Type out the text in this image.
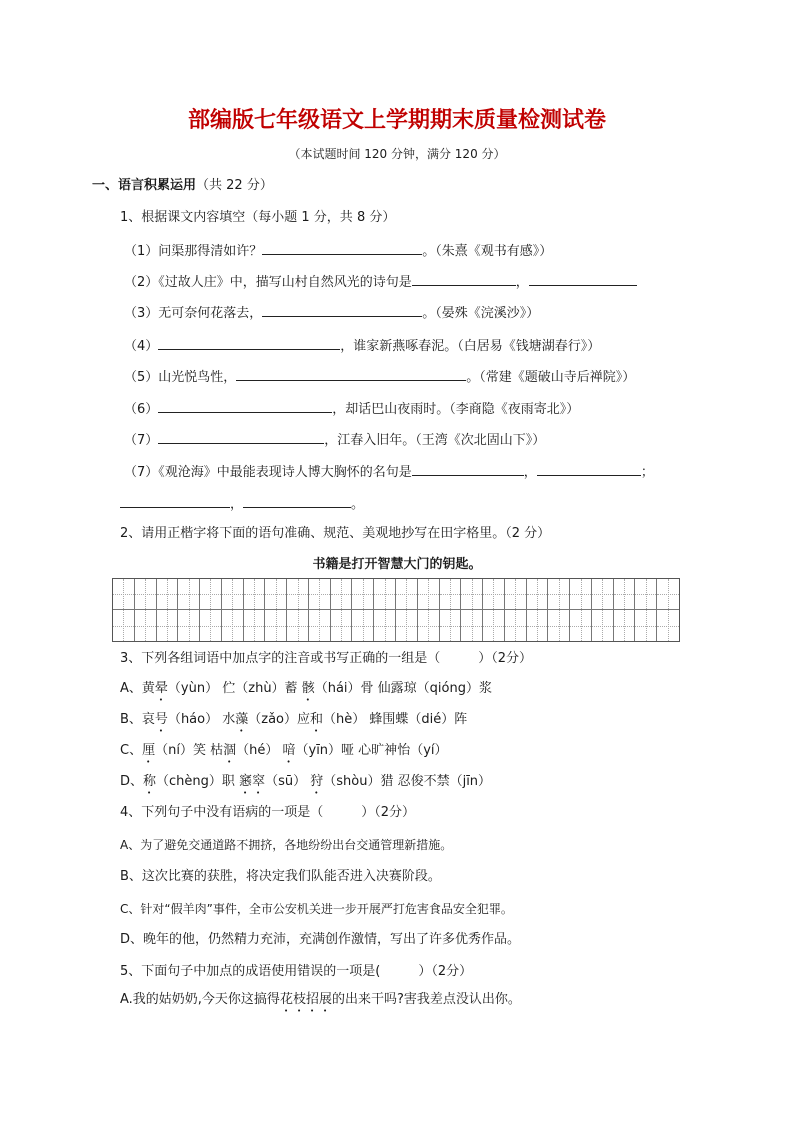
部编版七年级语文上学期期末质量检测试卷
（本试题时间 120 分钟，满分 120 分）
一、语言积累运用（共 22 分）
1、根据课文内容填空（每小题 1 分，共 8 分）
（1）问渠那得清如许？	。（朱熹《观书有感》）
（2）《过故人庄》中，描写山村自然风光的诗句是	，
（3）无可奈何花落去，	。（晏殊《浣溪沙》）
（4）	，谁家新燕啄春泥。（白居易《钱塘湖春行》）
（5）山光悦鸟性，	。（常建《题破山寺后禅院》）
（6）	，却话巴山夜雨时。（李商隐《夜雨寄北》）
（7）	，江春入旧年。（王湾《次北固山下》）
（7）《观沧海》中最能表现诗人博大胸怀的名句是	，	；
，	。
2、请用正楷字将下面的语句准确、规范、美观地抄写在田字格里。（2 分）
书籍是打开智慧大门的钥匙。
3、下列各组词语中加点字的注音或书写正确的一组是（	）（2分）
A、黄晕（yùn） 伫（zhù）蓄 骸（hái）骨 仙露琼（qióng）浆
B、哀号（háo） 水藻（zǎo）应和（hè） 蜂围蝶（dié）阵
C、厘（ní）笑 枯涸（hé） 喑（yīn）哑 心旷神怡（yí）
D、称（chèng）职 窸窣（sū） 狩（shòu）猎 忍俊不禁（jīn）
4、下列句子中没有语病的一项是（	）（2分）
A、为了避免交通道路不拥挤，各地纷纷出台交通管理新措施。
B、这次比赛的获胜，将决定我们队能否进入决赛阶段。
C、针对“假羊肉”事件，全市公安机关进一步开展严打危害食品安全犯罪。
D、晚年的他，仍然精力充沛，充满创作激情，写出了许多优秀作品。
5、下面句子中加点的成语使用错误的一项是(	）（2分）
A.我的姑奶奶,今天你这搞得花枝招展的出来干吗?害我差点没认出你。
